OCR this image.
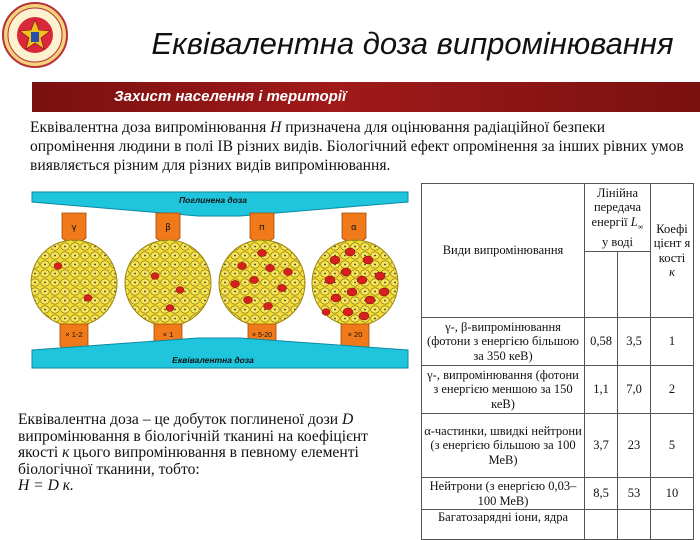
Еквівалентна доза випромінювання
Захист населення і території
Еквівалентна доза випромінювання H призначена для оцінювання радіаційної безпеки опромінення людини в полі ІВ різних видів. Біологічний ефект опромінення за інших рівних умов виявляється різним для різних видів випромінювання.
Поглинена доза
γ	β	п	α
× 1-2	× 1	× 5-20	× 20
Еквівалентна доза
Еквівалентна доза – це добуток поглиненої дози D випромінювання в біологічній тканині на коефіцієнт якості к цього випромінювання в певному елементі біологічної тканини, тобто:
H = D к.
Види випромінювання	Лінійна передача енергії $L_\infty$ у воді		Коефіцієнт якості
к

γ-, β-випромінювання (фотони з енергією більшою за 350 кеВ)	0,58	3,5	1
γ-, випромінювання (фотони з енергією меншою за 150 кеВ)	1,1	7,0	2
α-частинки, швидкі нейтрони (з енергією більшою за 100 МеВ)	3,7	23	5
Нейтрони (з енергією 0,03–100 МеВ)	8,5	53	10
Багатозарядні іони, ядра			
